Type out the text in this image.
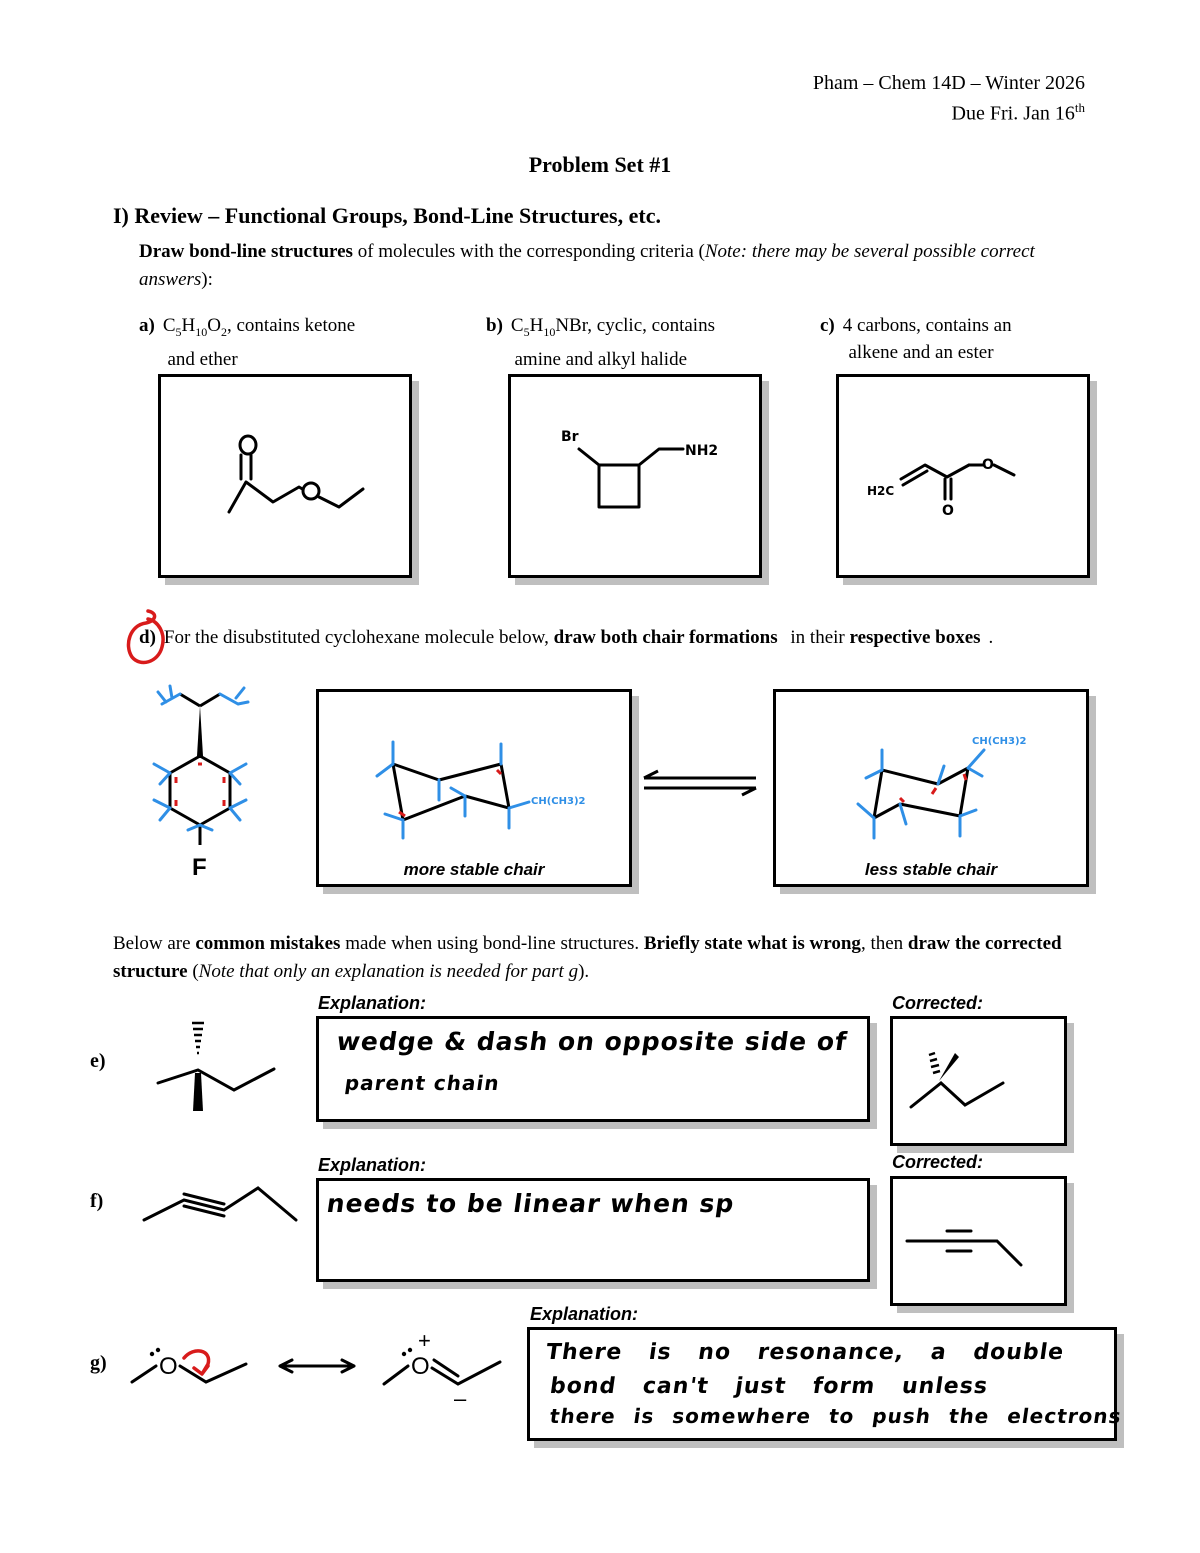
Pham – Chem 14D – Winter 2026
Due Fri. Jan 16th
Problem Set #1
I) Review – Functional Groups, Bond-Line Structures, etc.
Draw bond-line structures of molecules with the corresponding criteria (Note: there may be several possible correct answers):
a) $C_5H_{10}O_2$, contains ketone
and ether
b) $C_5H_{10}NBr$, cyclic, contains
amine and alkyl halide
c) 4 carbons, contains an
alkene and an ester
Br
NH2
H2C
O
O
d) For the disubstituted cyclohexane molecule below, draw both chair formations in their respective boxes .
F
CH(CH3)2
more stable chair
CH(CH3)2
less stable chair
Below are common mistakes made when using bond-line structures. Briefly state what is wrong, then draw the corrected structure (Note that only an explanation is needed for part g).
e)
Explanation:
wedge & dash on opposite side of
parent chain
Corrected:
f)
Explanation:
needs to be linear when sp
Corrected:
g) O	O
+
–
Explanation:
There is no resonance, a double
bond can't just form unless
there is somewhere to push the electrons
